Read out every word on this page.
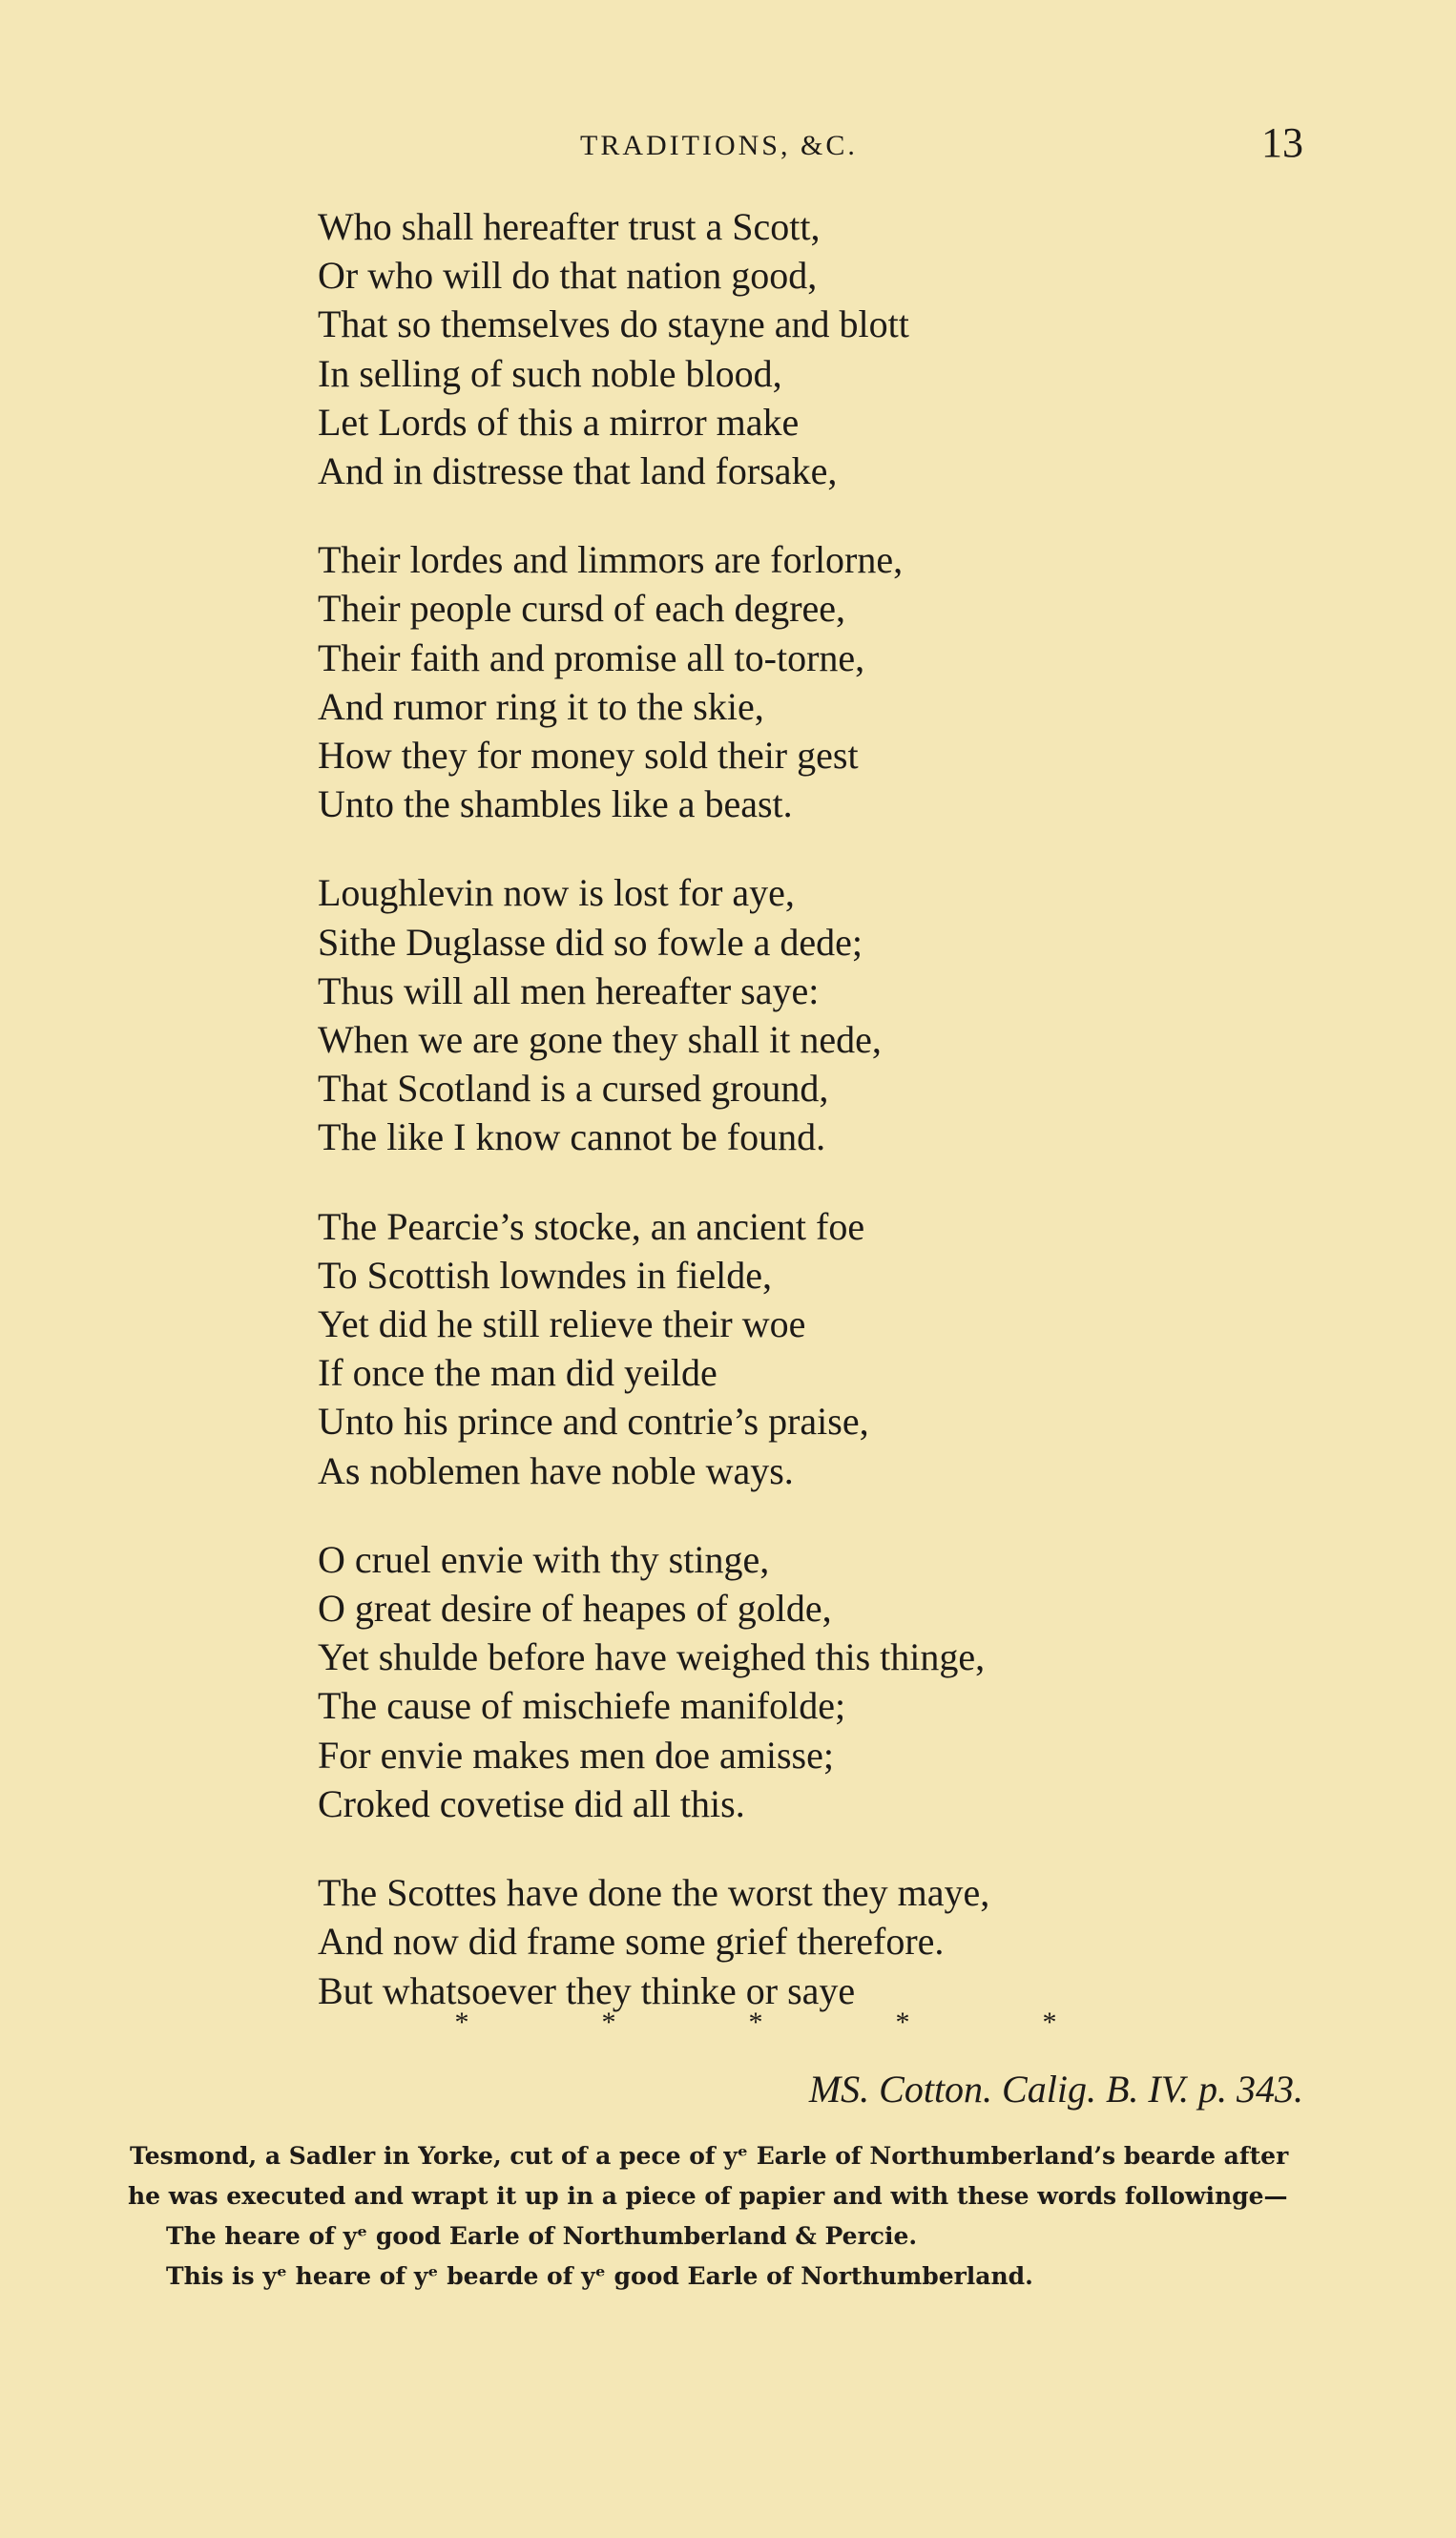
TRADITIONS, &C.	13
Who shall hereafter trust a Scott,
Or who will do that nation good,
That so themselves do stayne and blott
In selling of such noble blood,
Let Lords of this a mirror make
And in distresse that land forsake,
Their lordes and limmors are forlorne,
Their people cursd of each degree,
Their faith and promise all to-torne,
And rumor ring it to the skie,
How they for money sold their gest
Unto the shambles like a beast.
Loughlevin now is lost for aye,
Sithe Duglasse did so fowle a dede;
Thus will all men hereafter saye:
When we are gone they shall it nede,
That Scotland is a cursed ground,
The like I know cannot be found.
The Pearcie’s stocke, an ancient foe
To Scottish lowndes in fielde,
Yet did he still relieve their woe
If once the man did yeilde
Unto his prince and contrie’s praise,
As noblemen have noble ways.
O cruel envie with thy stinge,
O great desire of heapes of golde,
Yet shulde before have weighed this thinge,
The cause of mischiefe manifolde;
For envie makes men doe amisse;
Croked covetise did all this.
The Scottes have done the worst they maye,
And now did frame some grief therefore.
But whatsoever they thinke or saye
*	*	*	*	*
MS. Cotton. Calig. B. IV. p. 343.
Tesmond, a Sadler in Yorke, cut of a pece of yᵉ Earle of Northumberland’s bearde after
he was executed and wrapt it up in a piece of papier and with these words followinge—
The heare of yᵉ good Earle of Northumberland & Percie.
This is yᵉ heare of yᵉ bearde of yᵉ good Earle of Northumberland.
